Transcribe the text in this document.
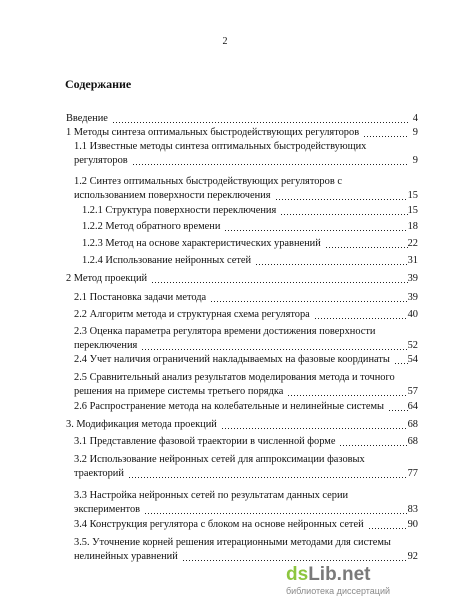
2
Содержание
Введение	4
1 Методы синтеза оптимальных быстродействующих регуляторов	9
1.1 Известные методы синтеза оптимальных быстродействующих
регуляторов	9
1.2 Синтез оптимальных быстродействующих регуляторов с
использованием поверхности переключения	15
1.2.1 Структура поверхности переключения	15
1.2.2 Метод обратного времени	18
1.2.3 Метод на основе характеристических уравнений	22
1.2.4 Использование нейронных сетей	31
2 Метод проекций	39
2.1 Постановка задачи метода	39
2.2 Алгоритм метода и структурная схема регулятора	40
2.3 Оценка параметра регулятора времени достижения поверхности
переключения	52
2.4 Учет наличия ограничений накладываемых на фазовые координаты 54
2.5 Сравнительный анализ результатов моделирования метода и точного
решения на примере системы третьего порядка	57
2.6 Распространение метода на колебательные и нелинейные системы 64
3. Модификация метода проекций	68
3.1 Представление фазовой траектории в численной форме	68
3.2 Использование нейронных сетей для аппроксимации фазовых
траекторий	77
3.3 Настройка нейронных сетей по результатам данных серии
экспериментов	83
3.4 Конструкция регулятора с блоком на основе нейронных сетей	90
3.5. Уточнение корней решения итерационными методами для системы
нелинейных уравнений	92
dsLib.net
библиотека диссертаций
